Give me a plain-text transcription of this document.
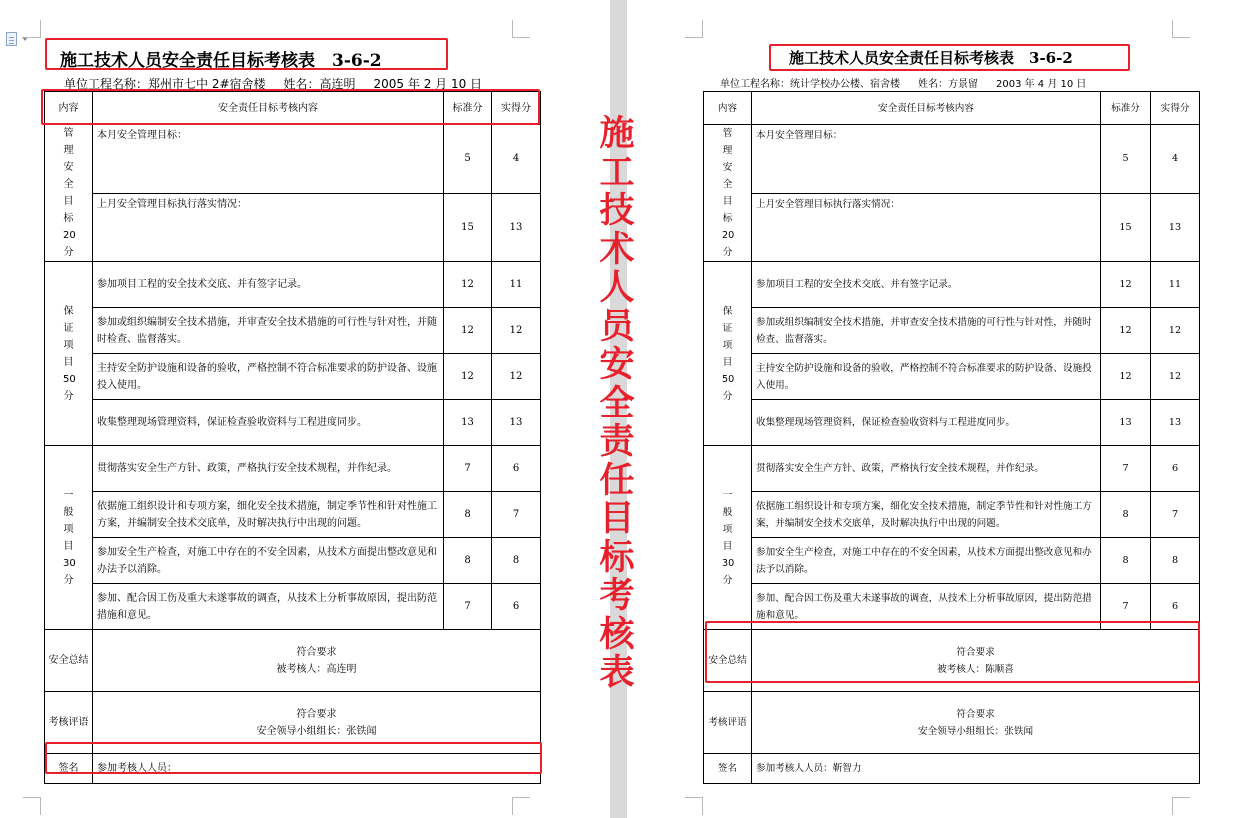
施工技术人员安全责任目标考核表　3-6-2
单位工程名称：郑州市七中 2#宿舍楼 姓名：高连明 2005 年 2 月 10 日
内容	安全责任目标考核内容	标准分	实得分
管理安全目标20分	本月安全管理目标：	5	4
	上月安全管理目标执行落实情况：	15	13
保证项目50分	参加项目工程的安全技术交底、并有签字记录。	12	11
	参加或组织编制安全技术措施，并审查安全技术措施的可行性与针对性，并随时检查、监督落实。	12	12
	主持安全防护设施和设备的验收，严格控制不符合标准要求的防护设备、设施投入使用。	12	12
	收集整理现场管理资料，保证检查验收资料与工程进度同步。	13	13
一般项目30分	贯彻落实安全生产方针、政策，严格执行安全技术规程，并作纪录。	7	6
	依据施工组织设计和专项方案，细化安全技术措施，制定季节性和针对性施工方案，并编制安全技术交底单，及时解决执行中出现的问题。	8	7
	参加安全生产检查，对施工中存在的不安全因素，从技术方面提出整改意见和办法予以消除。	8	8
	参加、配合因工伤及重大未遂事故的调查，从技术上分析事故原因，提出防范措施和意见。	7	6
安全总结	符合要求
被考核人：高连明		

考核评语	符合要求
安全领导小组组长：张铁闻		

签名	参加考核人人员：		
施工技术人员安全责任目标考核表　3-6-2
单位工程名称：统计学校办公楼、宿舍楼 姓名：方景留 2003 年 4 月 10 日
内容	安全责任目标考核内容	标准分	实得分
管理安全目标20分	本月安全管理目标：	5	4
	上月安全管理目标执行落实情况：	15	13
保证项目50分	参加项目工程的安全技术交底、并有签字记录。	12	11
	参加或组织编制安全技术措施，并审查安全技术措施的可行性与针对性，并随时检查、监督落实。	12	12
	主持安全防护设施和设备的验收，严格控制不符合标准要求的防护设备、设施投入使用。	12	12
	收集整理现场管理资料，保证检查验收资料与工程进度同步。	13	13
一般项目30分	贯彻落实安全生产方针、政策，严格执行安全技术规程，并作纪录。	7	6
	依据施工组织设计和专项方案，细化安全技术措施，制定季节性和针对性施工方案，并编制安全技术交底单，及时解决执行中出现的问题。	8	7
	参加安全生产检查，对施工中存在的不安全因素，从技术方面提出整改意见和办法予以消除。	8	8
	参加、配合因工伤及重大未遂事故的调查，从技术上分析事故原因，提出防范措施和意见。	7	6
安全总结	符合要求
被考核人：陈顺喜		

考核评语	符合要求
安全领导小组组长：张铁闻		

签名	参加考核人人员：靳智力		
施工技术人员安全责任目标考核表
